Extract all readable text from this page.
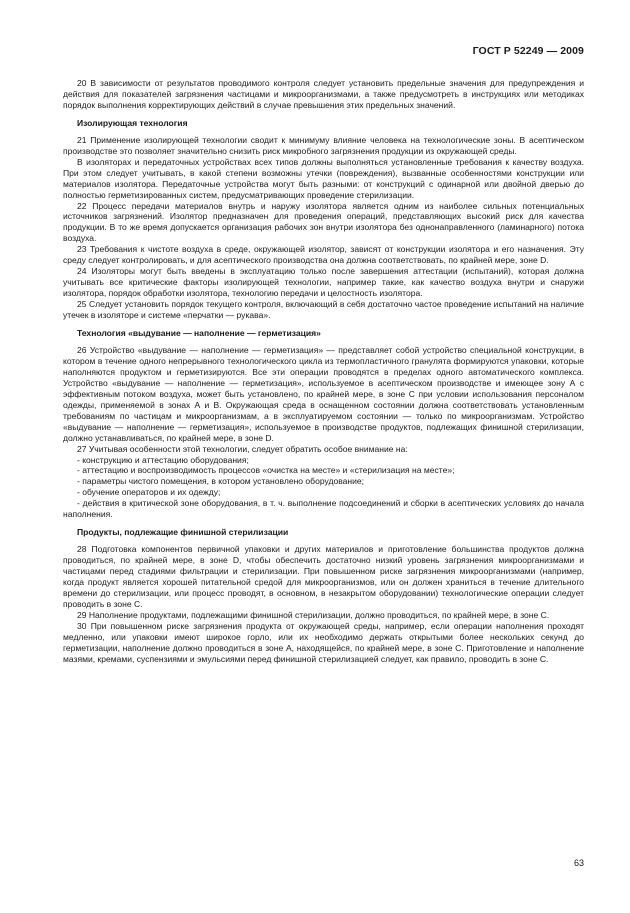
ГОСТ Р 52249 — 2009

20 В зависимости от результатов проводимого контроля следует установить предельные значения для предупреждения и действия для показателей загрязнения частицами и микроорганизмами, а также предусмотреть в инструкциях или методиках порядок выполнения корректирующих действий в случае превышения этих предельных значений.

Изолирующая технология

21 Применение изолирующей технологии сводит к минимуму влияние человека на технологические зоны. В асептическом производстве это позволяет значительно снизить риск микробного загрязнения продукции из окружающей среды.

В изоляторах и передаточных устройствах всех типов должны выполняться установленные требования к качеству воздуха. При этом следует учитывать, в какой степени возможны утечки (повреждения), вызванные особенностями конструкции или материалов изолятора. Передаточные устройства могут быть разными: от конструкций с одинарной или двойной дверью до полностью герметизированных систем, предусматривающих проведение стерилизации.

22 Процесс передачи материалов внутрь и наружу изолятора является одним из наиболее сильных потенциальных источников загрязнений. Изолятор предназначен для проведения операций, представляющих высокий риск для качества продукции. В то же время допускается организация рабочих зон внутри изолятора без однонаправленного (ламинарного) потока воздуха.

23 Требования к чистоте воздуха в среде, окружающей изолятор, зависят от конструкции изолятора и его назначения. Эту среду следует контролировать, и для асептического производства она должна соответствовать, по крайней мере, зоне D.

24 Изоляторы могут быть введены в эксплуатацию только после завершения аттестации (испытаний), которая должна учитывать все критические факторы изолирующей технологии, например такие, как качество воздуха внутри и снаружи изолятора, порядок обработки изолятора, технологию передачи и целостность изолятора.

25 Следует установить порядок текущего контроля, включающий в себя достаточно частое проведение испытаний на наличие утечек в изоляторе и системе «перчатки — рукава».

Технология «выдувание — наполнение — герметизация»

26 Устройство «выдувание — наполнение — герметизация» — представляет собой устройство специальной конструкции, в котором в течение одного непрерывного технологического цикла из термопластичного гранулята формируются упаковки, которые наполняются продуктом и герметизируются. Все эти операции проводятся в пределах одного автоматического комплекса. Устройство «выдувание — наполнение — герметизация», используемое в асептическом производстве и имеющее зону А с эффективным потоком воздуха, может быть установлено, по крайней мере, в зоне С при условии использования персоналом одежды, применяемой в зонах А и В. Окружающая среда в оснащенном состоянии должна соответствовать установленным требованиям по частицам и микроорганизмам, а в эксплуатируемом состоянии — только по микроорганизмам. Устройство «выдувание — наполнение — герметизация», используемое в производстве продуктов, подлежащих финишной стерилизации, должно устанавливаться, по крайней мере, в зоне D.

27 Учитывая особенности этой технологии, следует обратить особое внимание на:

- конструкцию и аттестацию оборудования;

- аттестацию и воспроизводимость процессов «очистка на месте» и «стерилизация на месте»;

- параметры чистого помещения, в котором установлено оборудование;

- обучение операторов и их одежду;

- действия в критической зоне оборудования, в т. ч. выполнение подсоединений и сборки в асептических условиях до начала наполнения.

Продукты, подлежащие финишной стерилизации

28 Подготовка компонентов первичной упаковки и других материалов и приготовление большинства продуктов должна проводиться, по крайней мере, в зоне D, чтобы обеспечить достаточно низкий уровень загрязнения микроорганизмами и частицами перед стадиями фильтрации и стерилизации. При повышенном риске загрязнения микроорганизмами (например, когда продукт является хорошей питательной средой для микроорганизмов, или он должен храниться в течение длительного времени до стерилизации, или процесс проводят, в основном, в незакрытом оборудовании) технологические операции следует проводить в зоне С.

29 Наполнение продуктами, подлежащими финишной стерилизации, должно проводиться, по крайней мере, в зоне С.

30 При повышенном риске загрязнения продукта от окружающей среды, например, если операции наполнения проходят медленно, или упаковки имеют широкое горло, или их необходимо держать открытыми более нескольких секунд до герметизации, наполнение должно проводиться в зоне А, находящейся, по крайней мере, в зоне С. Приготовление и наполнение мазями, кремами, суспензиями и эмульсиями перед финишной стерилизацией следует, как правило, проводить в зоне С.

63
